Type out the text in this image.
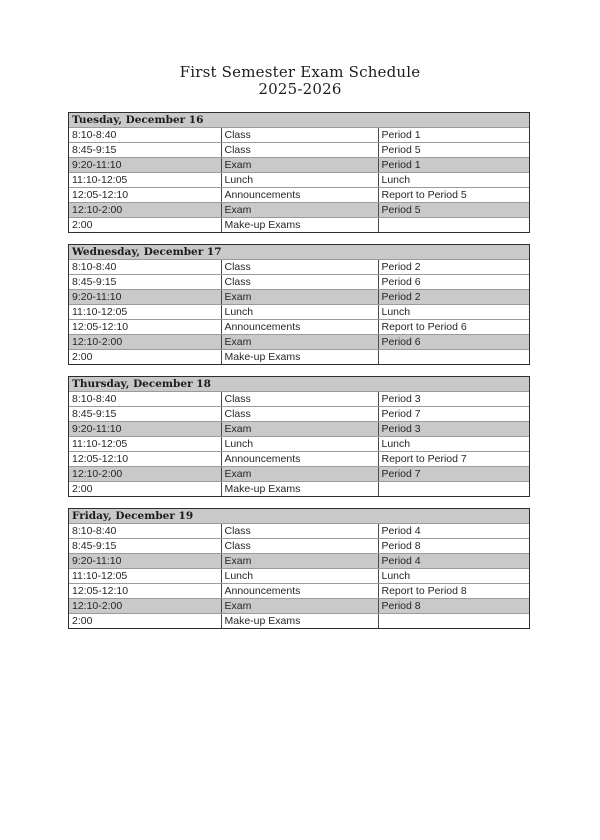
First Semester Exam Schedule
2025-2026
Tuesday, December 16		
8:10-8:40	Class	Period 1
8:45-9:15	Class	Period 5
9:20-11:10	Exam	Period 1
11:10-12:05	Lunch	Lunch
12:05-12:10	Announcements	Report to Period 5
12:10-2:00	Exam	Period 5
2:00	Make-up Exams	
Wednesday, December 17		
8:10-8:40	Class	Period 2
8:45-9:15	Class	Period 6
9:20-11:10	Exam	Period 2
11:10-12:05	Lunch	Lunch
12:05-12:10	Announcements	Report to Period 6
12:10-2:00	Exam	Period 6
2:00	Make-up Exams	
Thursday, December 18		
8:10-8:40	Class	Period 3
8:45-9:15	Class	Period 7
9:20-11:10	Exam	Period 3
11:10-12:05	Lunch	Lunch
12:05-12:10	Announcements	Report to Period 7
12:10-2:00	Exam	Period 7
2:00	Make-up Exams	
Friday, December 19		
8:10-8:40	Class	Period 4
8:45-9:15	Class	Period 8
9:20-11:10	Exam	Period 4
11:10-12:05	Lunch	Lunch
12:05-12:10	Announcements	Report to Period 8
12:10-2:00	Exam	Period 8
2:00	Make-up Exams	
